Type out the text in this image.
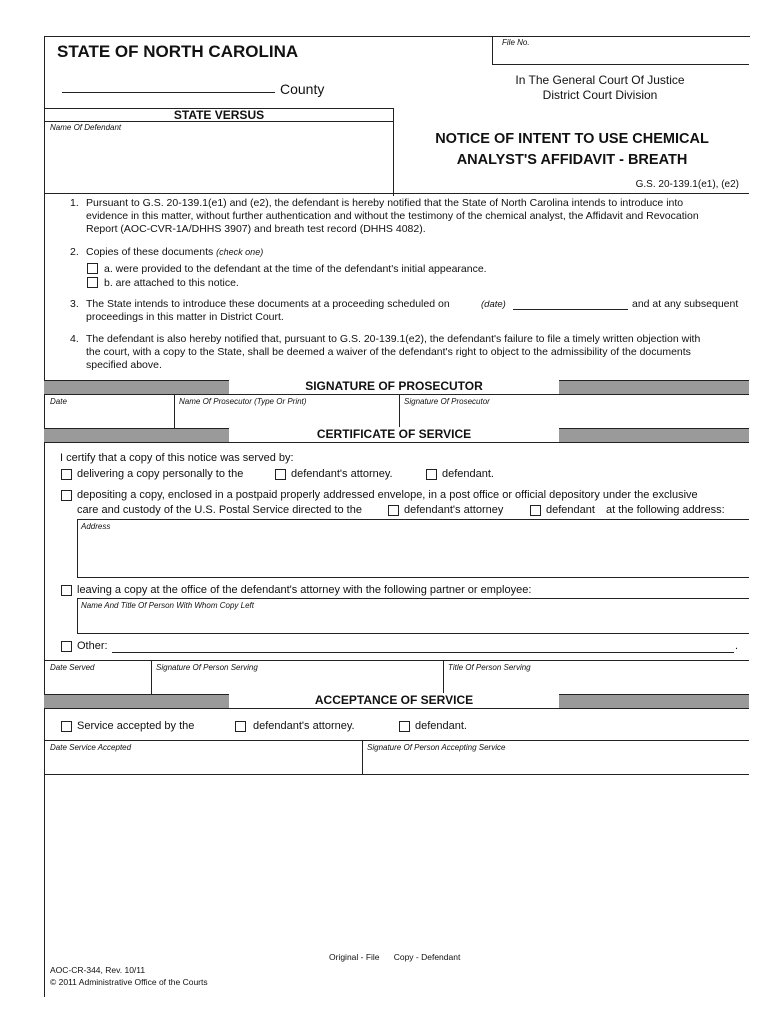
STATE OF NORTH CAROLINA	File No.
County
In The General Court Of Justice
District Court Division
STATE VERSUS
Name Of Defendant
NOTICE OF INTENT TO USE CHEMICAL
ANALYST'S AFFIDAVIT - BREATH
G.S. 20-139.1(e1), (e2)
1. Pursuant to G.S. 20-139.1(e1) and (e2), the defendant is hereby notified that the State of North Carolina intends to introduce into
evidence in this matter, without further authentication and without the testimony of the chemical analyst, the Affidavit and Revocation
Report (AOC-CVR-1A/DHHS 3907) and breath test record (DHHS 4082).
2. Copies of these documents (check one)
a. were provided to the defendant at the time of the defendant's initial appearance.
b. are attached to this notice.
3. The State intends to introduce these documents at a proceeding scheduled on	(date)	and at any subsequent
proceedings in this matter in District Court.
4. The defendant is also hereby notified that, pursuant to G.S. 20-139.1(e2), the defendant's failure to file a timely written objection with
the court, with a copy to the State, shall be deemed a waiver of the defendant's right to object to the admissibility of the documents
specified above.
SIGNATURE OF PROSECUTOR
Date	Name Of Prosecutor (Type Or Print)	Signature Of Prosecutor
CERTIFICATE OF SERVICE
I certify that a copy of this notice was served by:
delivering a copy personally to the	defendant's attorney.	defendant.
depositing a copy, enclosed in a postpaid properly addressed envelope, in a post office or official depository under the exclusive
care and custody of the U.S. Postal Service directed to the	defendant's attorney	defendant at the following address:
Address
leaving a copy at the office of the defendant's attorney with the following partner or employee:
Name And Title Of Person With Whom Copy Left
Other:	.
Date Served	Signature Of Person Serving	Title Of Person Serving
ACCEPTANCE OF SERVICE
Service accepted by the	defendant's attorney.	defendant.
Date Service Accepted	Signature Of Person Accepting Service
Original - File      Copy - Defendant
AOC-CR-344, Rev. 10/11
© 2011 Administrative Office of the Courts
